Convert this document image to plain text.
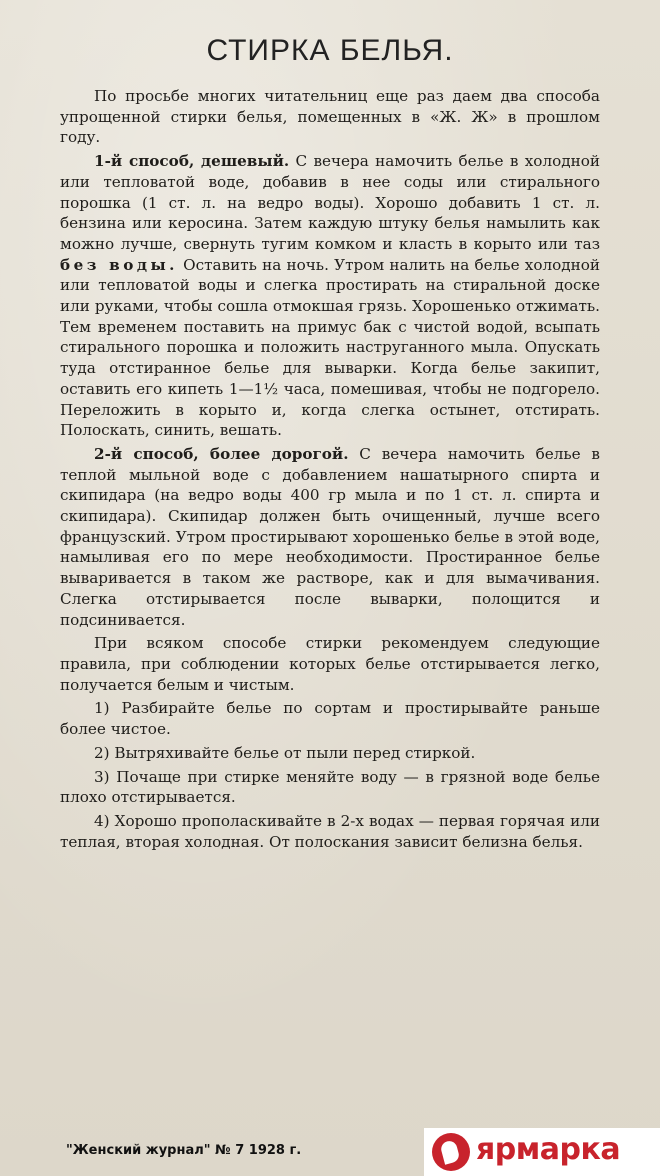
СТИРКА БЕЛЬЯ.

По просьбе многих читательниц еще раз даем два способа упрощенной стирки белья, помещенных в «Ж. Ж» в прошлом году.

1-й способ, дешевый. С вечера намочить белье в холодной или тепловатой воде, добавив в нее соды или стирального порошка (1 ст. л. на ведро воды). Хорошо добавить 1 ст. л. бензина или керосина. Затем каждую штуку белья намылить как можно лучше, свернуть тугим комком и класть в корыто или таз без воды. Оставить на ночь. Утром налить на белье холодной или тепловатой воды и слегка простирать на стиральной доске или руками, чтобы сошла отмокшая грязь. Хорошенько отжимать. Тем временем поставить на примус бак с чистой водой, всыпать стирального порошка и положить наструганного мыла. Опускать туда отстиранное белье для выварки. Когда белье закипит, оставить его кипеть 1—1½ часа, помешивая, чтобы не подгорело. Переложить в корыто и, когда слегка остынет, отстирать. Полоскать, синить, вешать.

2-й способ, более дорогой. С вечера намочить белье в теплой мыльной воде с добавлением нашатырного спирта и скипидара (на ведро воды 400 гр мыла и по 1 ст. л. спирта и скипидара). Скипидар должен быть очищенный, лучше всего французский. Утром простирывают хорошенько белье в этой воде, намыливая его по мере необходимости. Простиранное белье вываривается в таком же растворе, как и для вымачивания. Слегка отстирывается после выварки, полощится и подсинивается.

При всяком способе стирки рекомендуем следующие правила, при соблюдении которых белье отстирывается легко, получается белым и чистым.

1) Разбирайте белье по сортам и простирывайте раньше более чистое.

2) Вытряхивайте белье от пыли перед стиркой.

3) Почаще при стирке меняйте воду — в грязной воде белье плохо отстирывается.

4) Хорошо прополаскивайте в 2-х водах — первая горячая или теплая, вторая холодная. От полоскания зависит белизна белья.

"Женский журнал" № 7 1928 г.	ярмарка
